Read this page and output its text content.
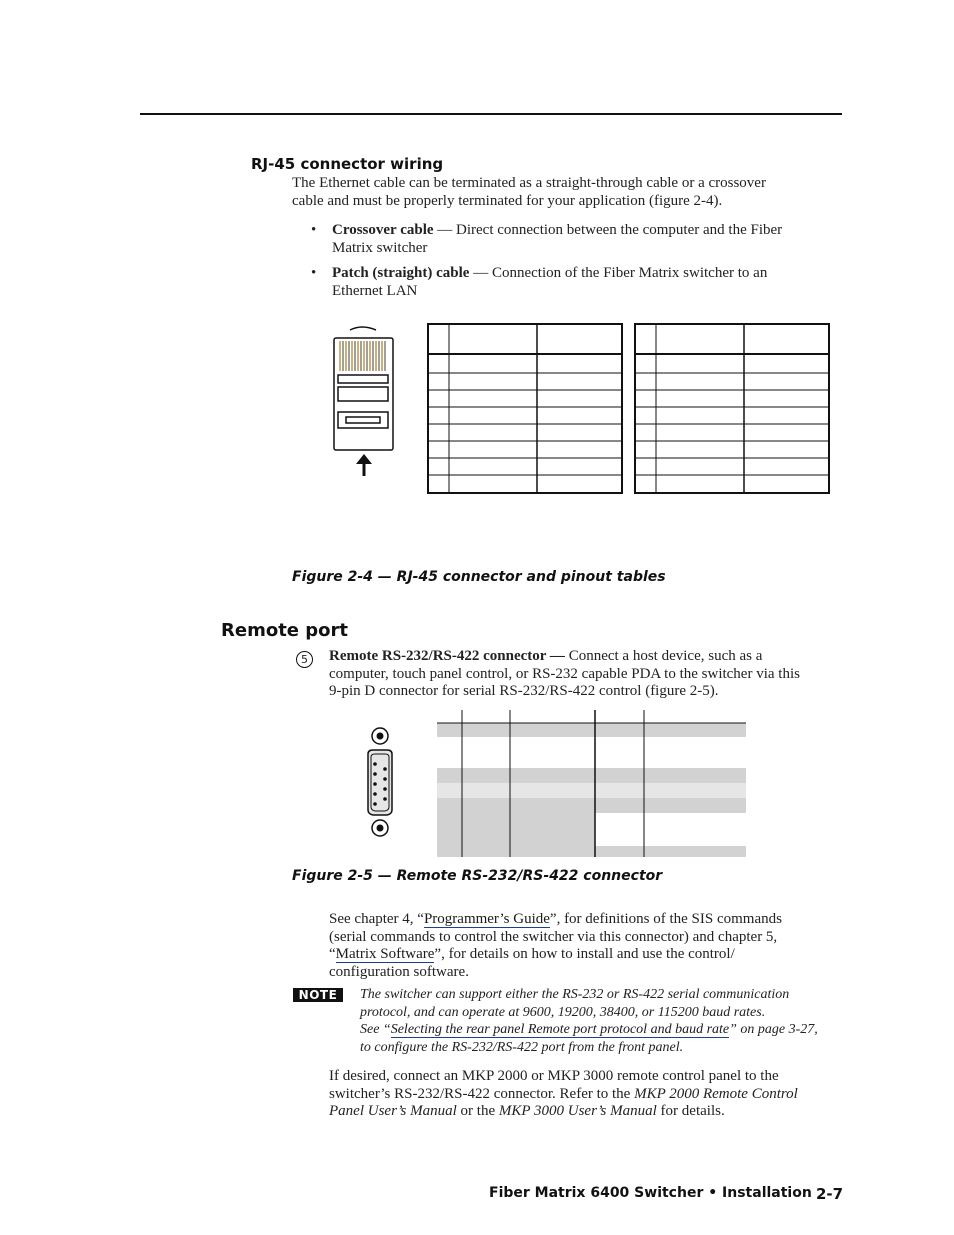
RJ-45 connector wiring
The Ethernet cable can be terminated as a straight-through cable or a crossover
cable and must be properly terminated for your application (figure 2-4).
• Crossover cable — Direct connection between the computer and the Fiber
Matrix switcher
• Patch (straight) cable — Connection of the Fiber Matrix switcher to an
Ethernet LAN
Figure 2-4 — RJ-45 connector and pinout tables
Remote port
5	Remote RS-232/RS-422 connector — Connect a host device, such as a
computer, touch panel control, or RS-232 capable PDA to the switcher via this
9-pin D connector for serial RS-232/RS-422 control (figure 2-5).
Figure 2-5 — Remote RS-232/RS-422 connector
See chapter 4, “Programmer’s Guide”, for definitions of the SIS commands
(serial commands to control the switcher via this connector) and chapter 5,
“Matrix Software”, for details on how to install and use the control/
configuration software.
NOTE	The switcher can support either the RS-232 or RS-422 serial communication
protocol, and can operate at 9600, 19200, 38400, or 115200 baud rates.
See “Selecting the rear panel Remote port protocol and baud rate” on page 3-27,
to configure the RS-232/RS-422 port from the front panel.
If desired, connect an MKP 2000 or MKP 3000 remote control panel to the
switcher’s RS-232/RS-422 connector. Refer to the MKP 2000 Remote Control
Panel User’s Manual or the MKP 3000 User’s Manual for details.
Fiber Matrix 6400 Switcher • Installation 2-7
